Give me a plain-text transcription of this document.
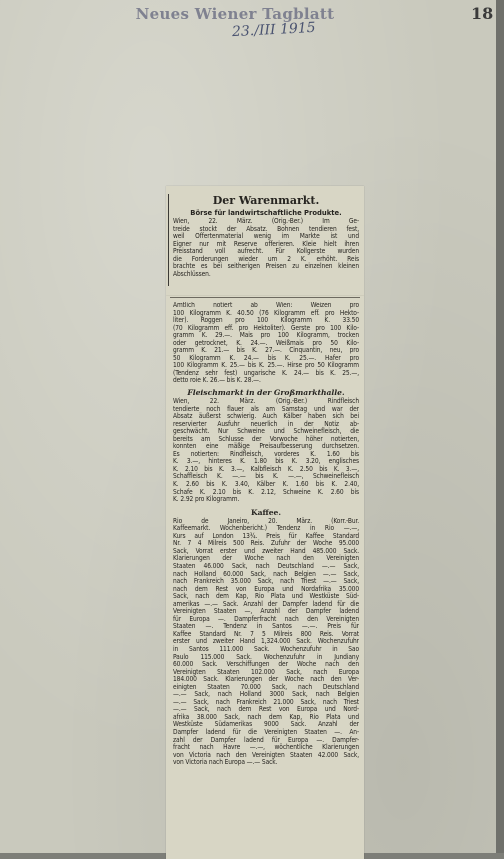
Neues Wiener Tagblatt	18
23./III 1915
Der Warenmarkt.
Börse für landwirtschaftliche Produkte.
Wien, 22. März. (Orig.-Ber.) Im Ge-
treide stockt der Absatz. Bohnen tendieren fest,
weil Offertenmaterial wenig im Markte ist und
Eigner nur mit Reserve offerieren. Kleie hielt ihren
Preisstand voll aufrecht. Für Kollgerste wurden
die Forderungen wieder um 2 K. erhöht. Reis
brachte es bei seitherigen Preisen zu einzelnen kleinen
Abschlüssen.
Amtlich notiert ab Wien: Weizen pro
100 Kilogramm K. 40.50 (76 Kilogramm eff. pro Hekto-
liter). Roggen pro 100 Kilogramm K. 33.50
(70 Kilogramm eff. pro Hektoliter). Gerste pro 100 Kilo-
gramm K. 29.—. Mais pro 100 Kilogramm, trocken
oder getrocknet, K. 24.—. Weißmais pro 50 Kilo-
gramm K. 21.— bis K. 27.—. Cinquantin, neu, pro
50 Kilogramm K. 24.— bis K. 25.—. Hafer pro
100 Kilogramm K. 25.— bis K. 25.—. Hirse pro 50 Kilogramm
(Tendenz sehr fest) ungarische K. 24.— bis K. 25.—,
detto roie K. 26.— bis K. 28.—.
Fleischmarkt in der Großmarkthalle.
Wien, 22. März. (Orig.-Ber.) Rindfleisch
tendierte noch flauer als am Samstag und war der
Absatz äußerst schwierig. Auch Kälber haben sich bei
reservierter Ausfuhr neuerlich in der Notiz ab-
geschwächt. Nur Schweine und Schweinefleisch, die
bereits am Schlusse der Vorwoche höher notierten,
konnten eine mäßige Preisaufbesserung durchsetzen.
Es notierten: Rindfleisch, vorderes K. 1.60 bis
K. 3.—, hinteres K. 1.80 bis K. 3.20, englisches
K. 2.10 bis K. 3.—, Kalbfleisch K. 2.50 bis K. 3.—,
Schaffleisch K. —.— bis K. —.—, Schweinefleisch
K. 2.60 bis K. 3.40, Kälber K. 1.60 bis K. 2.40,
Schafe K. 2.10 bis K. 2.12, Schweine K. 2.60 bis
K. 2.92 pro Kilogramm.
Kaffee.
Rio de Janeiro, 20. März. (Korr.-Bur.
Kaffeemarkt. Wochenbericht.) Tendenz in Rio —.—,
Kurs auf London 13¾. Preis für Kaffee Standard
Nr. 7 4 Milreis 500 Reis. Zufuhr der Woche 95.000
Sack, Vorrat erster und zweiter Hand 485.000 Sack.
Klarierungen der Woche nach den Vereinigten
Staaten 46.000 Sack, nach Deutschland —.— Sack,
nach Holland 60.000 Sack, nach Belgien —.— Sack,
nach Frankreich 35.000 Sack, nach Triest —.— Sack,
nach dem Rest von Europa und Nordafrika 35.000
Sack, nach dem Kap, Rio Plata und Westküste Süd-
amerikas —.— Sack. Anzahl der Dampfer ladend für die
Vereinigten Staaten —, Anzahl der Dampfer ladend
für Europa —. Dampferfracht nach den Vereinigten
Staaten —. Tendenz in Santos —.—. Preis für
Kaffee Standard Nr. 7 5 Milreis 800 Reis. Vorrat
erster und zweiter Hand 1,324.000 Sack. Wochenzufuhr
in Santos 111.000 Sack. Wochenzufuhr in Sao
Paulo 115.000 Sack. Wochenzufuhr in Jundiany
60.000 Sack. Verschiffungen der Woche nach den
Vereinigten Staaten 102.000 Sack, nach Europa
184.000 Sack. Klarierungen der Woche nach den Ver-
einigten Staaten 70.000 Sack, nach Deutschland
—.— Sack, nach Holland 3000 Sack, nach Belgien
—.— Sack, nach Frankreich 21.000 Sack, nach Triest
—.— Sack, nach dem Rest von Europa und Nord-
afrika 38.000 Sack, nach dem Kap, Rio Plata und
Westküste Südamerikas 9000 Sack. Anzahl der
Dampfer ladend für die Vereinigten Staaten —. An-
zahl der Dampfer ladend für Europa —. Dampfer-
fracht nach Havre —.—, wöchentliche Klarierungen
von Victoria nach den Vereinigten Staaten 42.000 Sack,
von Victoria nach Europa —.— Sack.
